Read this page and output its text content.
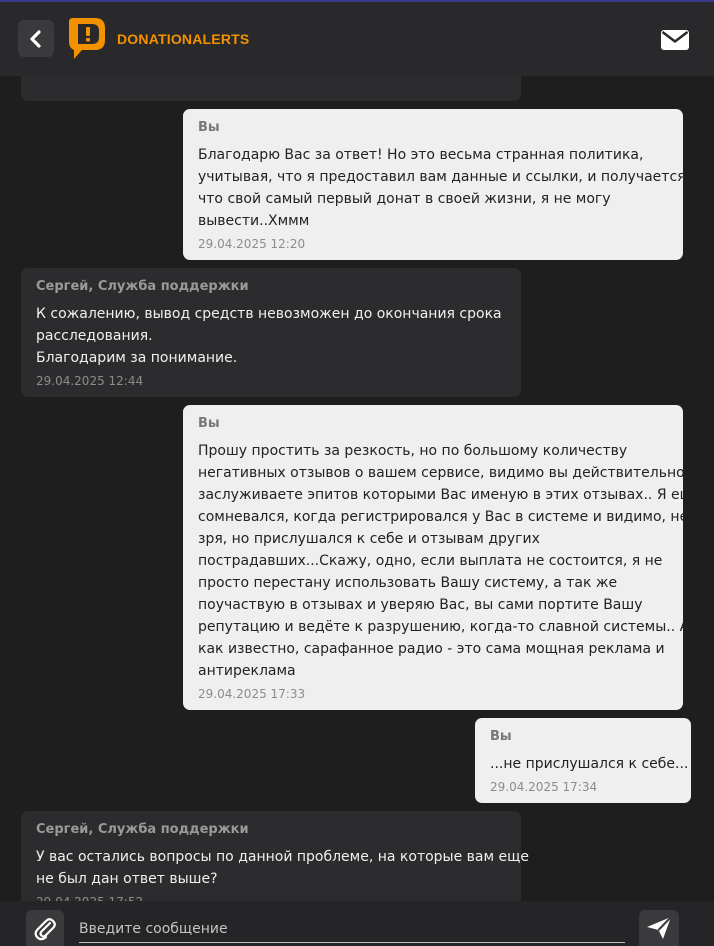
DONATIONALERTS
Вы
Благодарю Вас за ответ! Но это весьма странная политика,
учитывая, что я предоставил вам данные и ссылки, и получается,
что свой самый первый донат в своей жизни, я не могу
вывести..Хммм
29.04.2025 12:20
Сергей, Служба поддержки
К сожалению, вывод средств невозможен до окончания срока
расследования.
Благодарим за понимание.
29.04.2025 12:44
Вы
Прошу простить за резкость, но по большому количеству
негативных отзывов о вашем сервисе, видимо вы действительно
заслуживаете эпитов которыми Вас именую в этих отзывах.. Я ещё
сомневался, когда регистрировался у Вас в системе и видимо, не
зря, но прислушался к себе и отзывам других
пострадавших...Скажу, одно, если выплата не состоится, я не
просто перестану использовать Вашу систему, а так же
поучаствую в отзывах и уверяю Вас, вы сами портите Вашу
репутацию и ведёте к разрушению, когда-то славной системы.. А
как известно, сарафанное радио - это сама мощная реклама и
антиреклама
29.04.2025 17:33
Вы
...не прислушался к себе...
29.04.2025 17:34
Сергей, Служба поддержки
У вас остались вопросы по данной проблеме, на которые вам еще
не был дан ответ выше?
Введите сообщение
